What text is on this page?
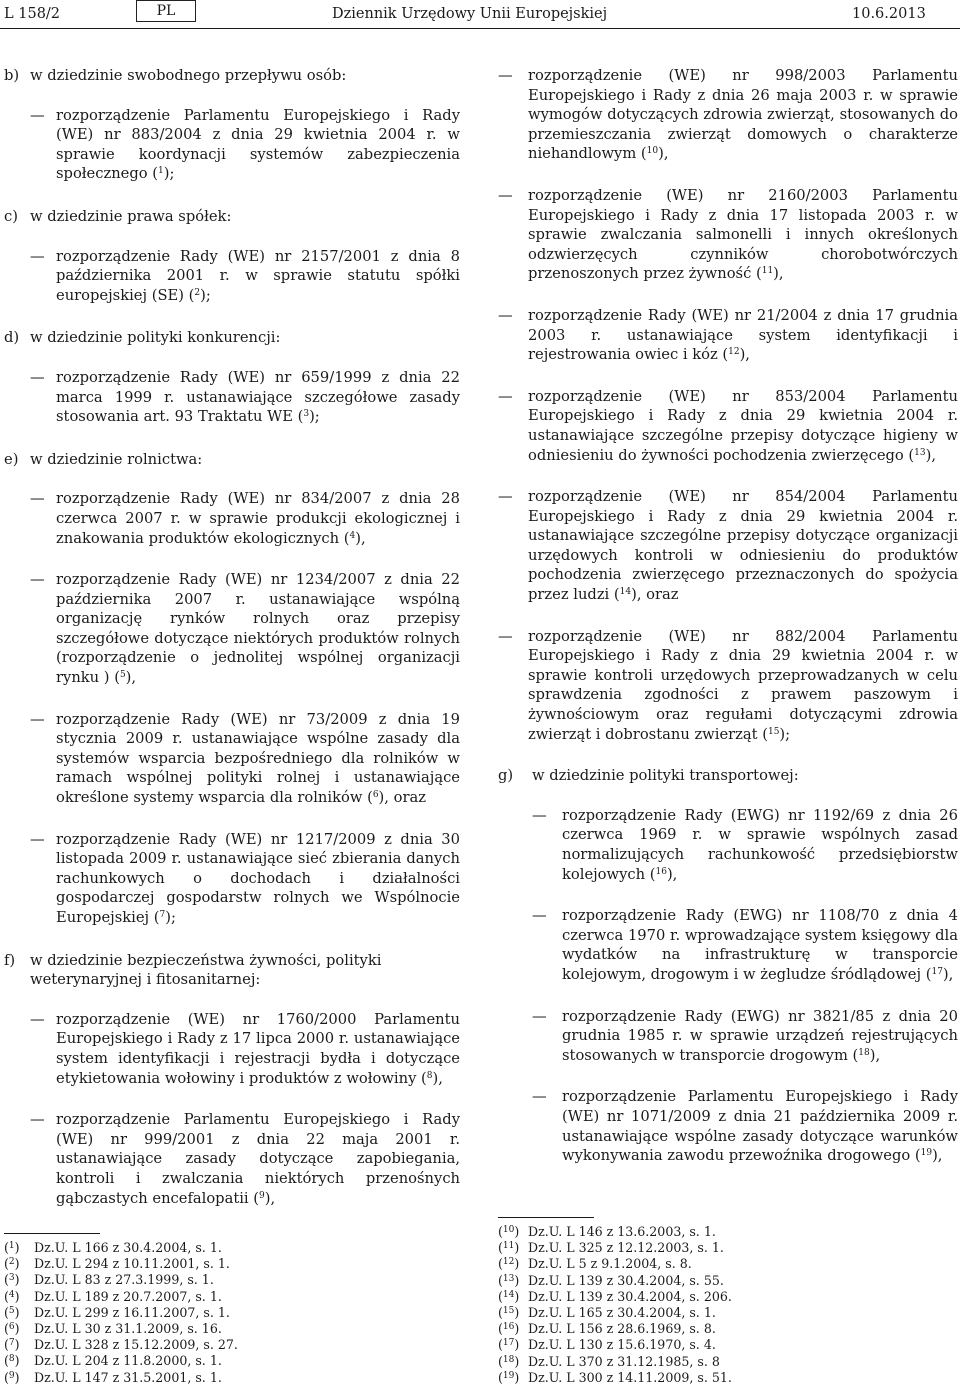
L 158/2	PL	Dziennik Urzędowy Unii Europejskiej	10.6.2013
b) w dziedzinie swobodnego przepływu osób:
— rozporządzenie Parlamentu Europejskiego i Rady (WE) nr 883/2004 z dnia 29 kwietnia 2004 r. w sprawie koordynacji systemów zabezpieczenia społecznego ($^1$);
c) w dziedzinie prawa spółek:
— rozporządzenie Rady (WE) nr 2157/2001 z dnia 8 października 2001 r. w sprawie statutu spółki europejskiej (SE) ($^2$);
d) w dziedzinie polityki konkurencji:
— rozporządzenie Rady (WE) nr 659/1999 z dnia 22 marca 1999 r. ustanawiające szczegółowe zasady stosowania art. 93 Traktatu WE ($^3$);
e) w dziedzinie rolnictwa:
— rozporządzenie Rady (WE) nr 834/2007 z dnia 28 czerwca 2007 r. w sprawie produkcji ekologicznej i znakowania produktów ekologicznych ($^4$),
— rozporządzenie Rady (WE) nr 1234/2007 z dnia 22 października 2007 r. ustanawiające wspólną organizację rynków rolnych oraz przepisy szczegółowe dotyczące niektórych produktów rolnych (rozporządzenie o jednolitej wspólnej organizacji rynku ) ($^5$),
— rozporządzenie Rady (WE) nr 73/2009 z dnia 19 stycznia 2009 r. ustanawiające wspólne zasady dla systemów wsparcia bezpośredniego dla rolników w ramach wspólnej polityki rolnej i ustanawiające określone systemy wsparcia dla rolników ($^6$), oraz
— rozporządzenie Rady (WE) nr 1217/2009 z dnia 30 listopada 2009 r. ustanawiające sieć zbierania danych rachunkowych o dochodach i działalności gospodarczej gospodarstw rolnych we Wspólnocie Europejskiej ($^7$);
f) w dziedzinie bezpieczeństwa żywności, polityki weterynaryjnej i fitosanitarnej:
— rozporządzenie (WE) nr 1760/2000 Parlamentu Europejskiego i Rady z 17 lipca 2000 r. ustanawiające system identyfikacji i rejestracji bydła i dotyczące etykietowania wołowiny i produktów z wołowiny ($^8$),
— rozporządzenie Parlamentu Europejskiego i Rady (WE) nr 999/2001 z dnia 22 maja 2001 r. ustanawiające zasady dotyczące zapobiegania, kontroli i zwalczania niektórych przenośnych gąbczastych encefalopatii ($^9$),
— rozporządzenie (WE) nr 998/2003 Parlamentu Europejskiego i Rady z dnia 26 maja 2003 r. w sprawie wymogów dotyczących zdrowia zwierząt, stosowanych do przemieszczania zwierząt domowych o charakterze niehandlowym ($^{10}$),
— rozporządzenie (WE) nr 2160/2003 Parlamentu Europejskiego i Rady z dnia 17 listopada 2003 r. w sprawie zwalczania salmonelli i innych określonych odzwierzęcych czynników chorobotwórczych przenoszonych przez żywność ($^{11}$),
— rozporządzenie Rady (WE) nr 21/2004 z dnia 17 grudnia 2003 r. ustanawiające system identyfikacji i rejestrowania owiec i kóz ($^{12}$),
— rozporządzenie (WE) nr 853/2004 Parlamentu Europejskiego i Rady z dnia 29 kwietnia 2004 r. ustanawiające szczególne przepisy dotyczące higieny w odniesieniu do żywności pochodzenia zwierzęcego ($^{13}$),
— rozporządzenie (WE) nr 854/2004 Parlamentu Europejskiego i Rady z dnia 29 kwietnia 2004 r. ustanawiające szczególne przepisy dotyczące organizacji urzędowych kontroli w odniesieniu do produktów pochodzenia zwierzęcego przeznaczonych do spożycia przez ludzi ($^{14}$), oraz
— rozporządzenie (WE) nr 882/2004 Parlamentu Europejskiego i Rady z dnia 29 kwietnia 2004 r. w sprawie kontroli urzędowych przeprowadzanych w celu sprawdzenia zgodności z prawem paszowym i żywnościowym oraz regułami dotyczącymi zdrowia zwierząt i dobrostanu zwierząt ($^{15}$);
g) w dziedzinie polityki transportowej:
— rozporządzenie Rady (EWG) nr 1192/69 z dnia 26 czerwca 1969 r. w sprawie wspólnych zasad normalizujących rachunkowość przedsiębiorstw kolejowych ($^{16}$),
— rozporządzenie Rady (EWG) nr 1108/70 z dnia 4 czerwca 1970 r. wprowadzające system księgowy dla wydatków na infrastrukturę w transporcie kolejowym, drogowym i w żegludze śródlądowej ($^{17}$),
— rozporządzenie Rady (EWG) nr 3821/85 z dnia 20 grudnia 1985 r. w sprawie urządzeń rejestrujących stosowanych w transporcie drogowym ($^{18}$),
— rozporządzenie Parlamentu Europejskiego i Rady (WE) nr 1071/2009 z dnia 21 października 2009 r. ustanawiające wspólne zasady dotyczące warunków wykonywania zawodu przewoźnika drogowego ($^{19}$),
($^1$) Dz.U. L 166 z 30.4.2004, s. 1.
($^2$) Dz.U. L 294 z 10.11.2001, s. 1.
($^3$) Dz.U. L 83 z 27.3.1999, s. 1.
($^4$) Dz.U. L 189 z 20.7.2007, s. 1.
($^5$) Dz.U. L 299 z 16.11.2007, s. 1.
($^6$) Dz.U. L 30 z 31.1.2009, s. 16.
($^7$) Dz.U. L 328 z 15.12.2009, s. 27.
($^8$) Dz.U. L 204 z 11.8.2000, s. 1.
($^9$) Dz.U. L 147 z 31.5.2001, s. 1.
($^{10}$) Dz.U. L 146 z 13.6.2003, s. 1.
($^{11}$) Dz.U. L 325 z 12.12.2003, s. 1.
($^{12}$) Dz.U. L 5 z 9.1.2004, s. 8.
($^{13}$) Dz.U. L 139 z 30.4.2004, s. 55.
($^{14}$) Dz.U. L 139 z 30.4.2004, s. 206.
($^{15}$) Dz.U. L 165 z 30.4.2004, s. 1.
($^{16}$) Dz.U. L 156 z 28.6.1969, s. 8.
($^{17}$) Dz.U. L 130 z 15.6.1970, s. 4.
($^{18}$) Dz.U. L 370 z 31.12.1985, s. 8
($^{19}$) Dz.U. L 300 z 14.11.2009, s. 51.
